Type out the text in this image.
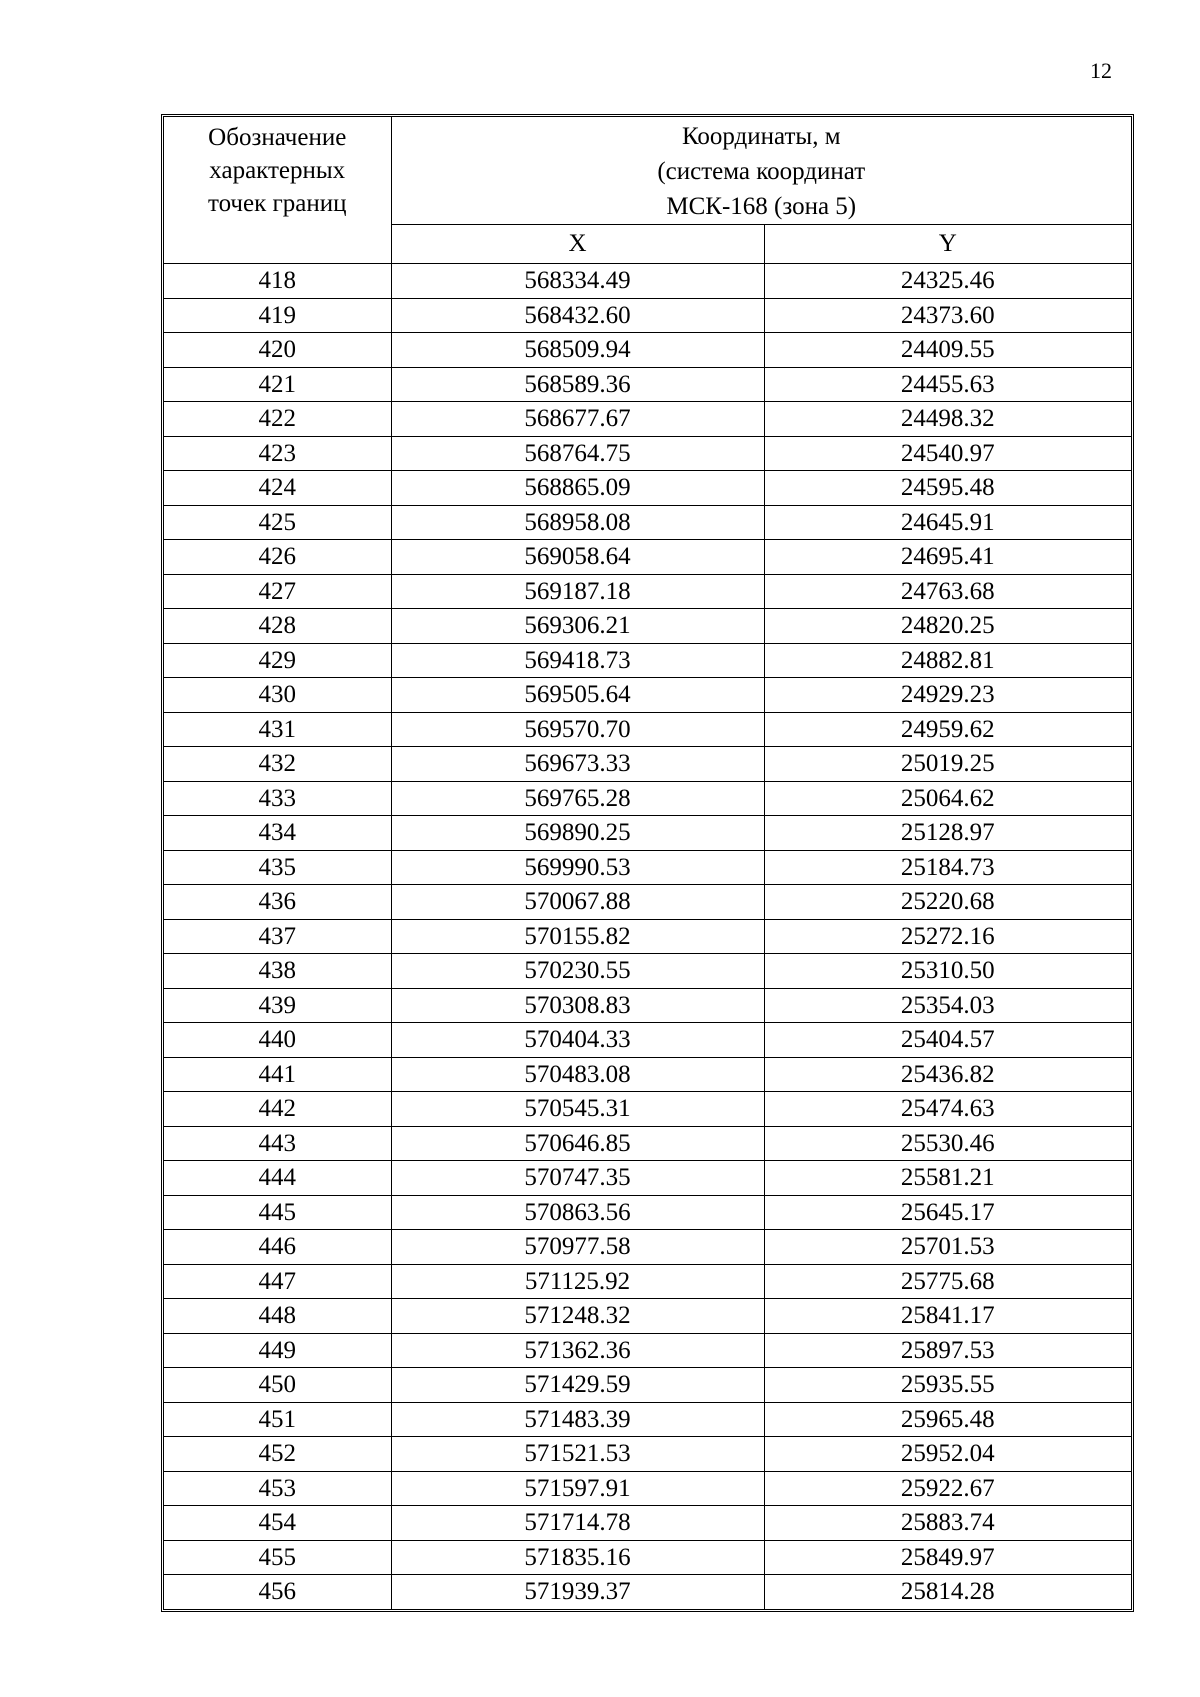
12
Обозначение
характерных
точек границ	Координаты, м
(система координат
МСК-168 (зона 5)	

	X	Y
418	568334.49	24325.46
419	568432.60	24373.60
420	568509.94	24409.55
421	568589.36	24455.63
422	568677.67	24498.32
423	568764.75	24540.97
424	568865.09	24595.48
425	568958.08	24645.91
426	569058.64	24695.41
427	569187.18	24763.68
428	569306.21	24820.25
429	569418.73	24882.81
430	569505.64	24929.23
431	569570.70	24959.62
432	569673.33	25019.25
433	569765.28	25064.62
434	569890.25	25128.97
435	569990.53	25184.73
436	570067.88	25220.68
437	570155.82	25272.16
438	570230.55	25310.50
439	570308.83	25354.03
440	570404.33	25404.57
441	570483.08	25436.82
442	570545.31	25474.63
443	570646.85	25530.46
444	570747.35	25581.21
445	570863.56	25645.17
446	570977.58	25701.53
447	571125.92	25775.68
448	571248.32	25841.17
449	571362.36	25897.53
450	571429.59	25935.55
451	571483.39	25965.48
452	571521.53	25952.04
453	571597.91	25922.67
454	571714.78	25883.74
455	571835.16	25849.97
456	571939.37	25814.28
